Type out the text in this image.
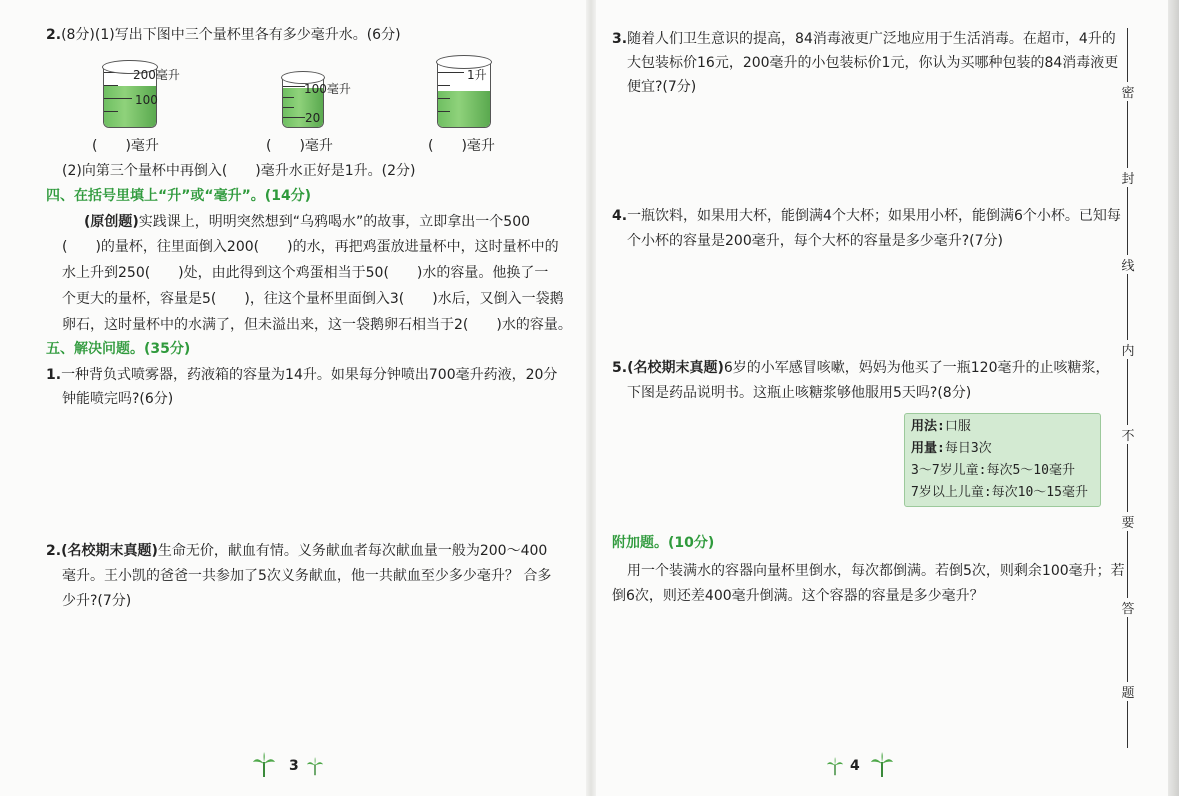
2.(8分)(1)写出下图中三个量杯里各有多少毫升水。(6分)
200毫升
100
(　　)毫升
100毫升
20
(　　)毫升
1升
(　　)毫升
(2)向第三个量杯中再倒入(　　)毫升水正好是1升。(2分)
四、在括号里填上“升”或“毫升”。(14分)
(原创题)实践课上，明明突然想到“乌鸦喝水”的故事，立即拿出一个500
(　　)的量杯，往里面倒入200(　　)的水，再把鸡蛋放进量杯中，这时量杯中的
水上升到250(　　)处，由此得到这个鸡蛋相当于50(　　)水的容量。他换了一
个更大的量杯，容量是5(　　)，往这个量杯里面倒入3(　　)水后，又倒入一袋鹅
卵石，这时量杯中的水满了，但未溢出来，这一袋鹅卵石相当于2(　　)水的容量。
五、解决问题。(35分)
1.一种背负式喷雾器，药液箱的容量为14升。如果每分钟喷出700毫升药液，20分
钟能喷完吗?(6分)
2.(名校期末真题)生命无价，献血有情。义务献血者每次献血量一般为200～400
毫升。王小凯的爸爸一共参加了5次义务献血，他一共献血至少多少毫升？ 合多
少升?(7分)
3
3.随着人们卫生意识的提高，84消毒液更广泛地应用于生活消毒。在超市，4升的
大包装标价16元，200毫升的小包装标价1元，你认为买哪种包装的84消毒液更
便宜?(7分)
4.一瓶饮料，如果用大杯，能倒满4个大杯；如果用小杯，能倒满6个小杯。已知每
个小杯的容量是200毫升，每个大杯的容量是多少毫升?(7分)
5.(名校期末真题)6岁的小军感冒咳嗽，妈妈为他买了一瓶120毫升的止咳糖浆，
下图是药品说明书。这瓶止咳糖浆够他服用5天吗?(8分)
用法:口服
用量:每日3次
3～7岁儿童:每次5～10毫升
7岁以上儿童:每次10～15毫升
附加题。(10分)
用一个装满水的容器向量杯里倒水，每次都倒满。若倒5次，则剩余100毫升；若
倒6次，则还差400毫升倒满。这个容器的容量是多少毫升？
4
密
封
线
内
不
要
答
题
